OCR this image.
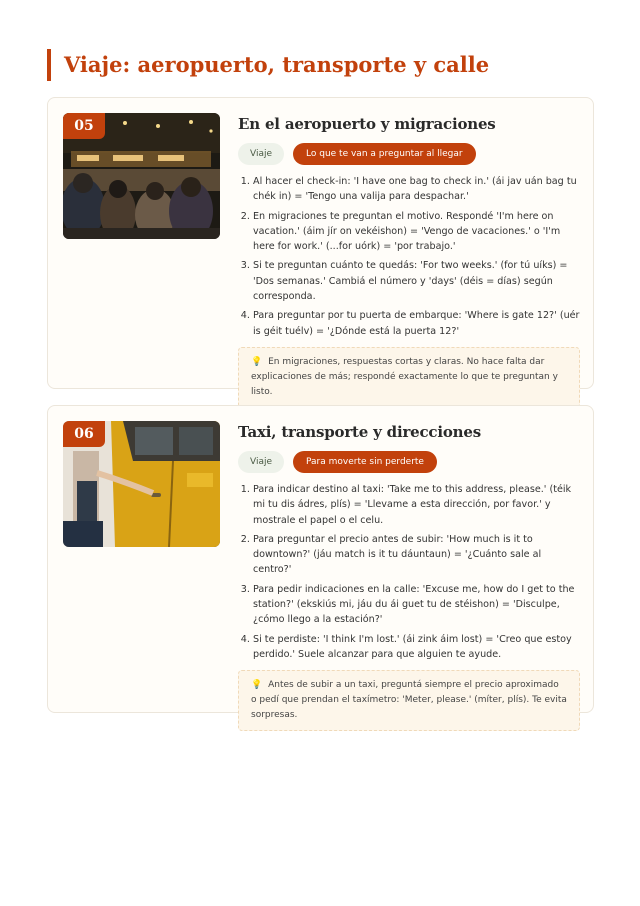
Viaje: aeropuerto, transporte y calle
05	En el aeropuerto y migraciones
Viaje	Lo que te van a preguntar al llegar
1. Al hacer el check-in: 'I have one bag to check in.' (ái jav uán bag tu chék in) = 'Tengo una valija para despachar.'
2. En migraciones te preguntan el motivo. Respondé 'I'm here on vacation.' (áim jír on vekéishon) = 'Vengo de vacaciones.' o 'I'm here for work.' (...for uórk) = 'por trabajo.'
3. Si te preguntan cuánto te quedás: 'For two weeks.' (for tú uíks) = 'Dos semanas.' Cambiá el número y 'days' (déis = días) según corresponda.
4. Para preguntar por tu puerta de embarque: 'Where is gate 12?' (uér is géit tuélv) = '¿Dónde está la puerta 12?'
💡 En migraciones, respuestas cortas y claras. No hace falta dar explicaciones de más; respondé exactamente lo que te preguntan y listo.
06	Taxi, transporte y direcciones
Viaje	Para moverte sin perderte
1. Para indicar destino al taxi: 'Take me to this address, please.' (téik mi tu dis ádres, plís) = 'Llevame a esta dirección, por favor.' y mostrale el papel o el celu.
2. Para preguntar el precio antes de subir: 'How much is it to downtown?' (jáu match is it tu dáuntaun) = '¿Cuánto sale al centro?'
3. Para pedir indicaciones en la calle: 'Excuse me, how do I get to the station?' (ekskiús mi, jáu du ái guet tu de stéishon) = 'Disculpe, ¿cómo llego a la estación?'
4. Si te perdiste: 'I think I'm lost.' (ái zink áim lost) = 'Creo que estoy perdido.' Suele alcanzar para que alguien te ayude.
💡 Antes de subir a un taxi, preguntá siempre el precio aproximado o pedí que prendan el taxímetro: 'Meter, please.' (míter, plís). Te evita sorpresas.
